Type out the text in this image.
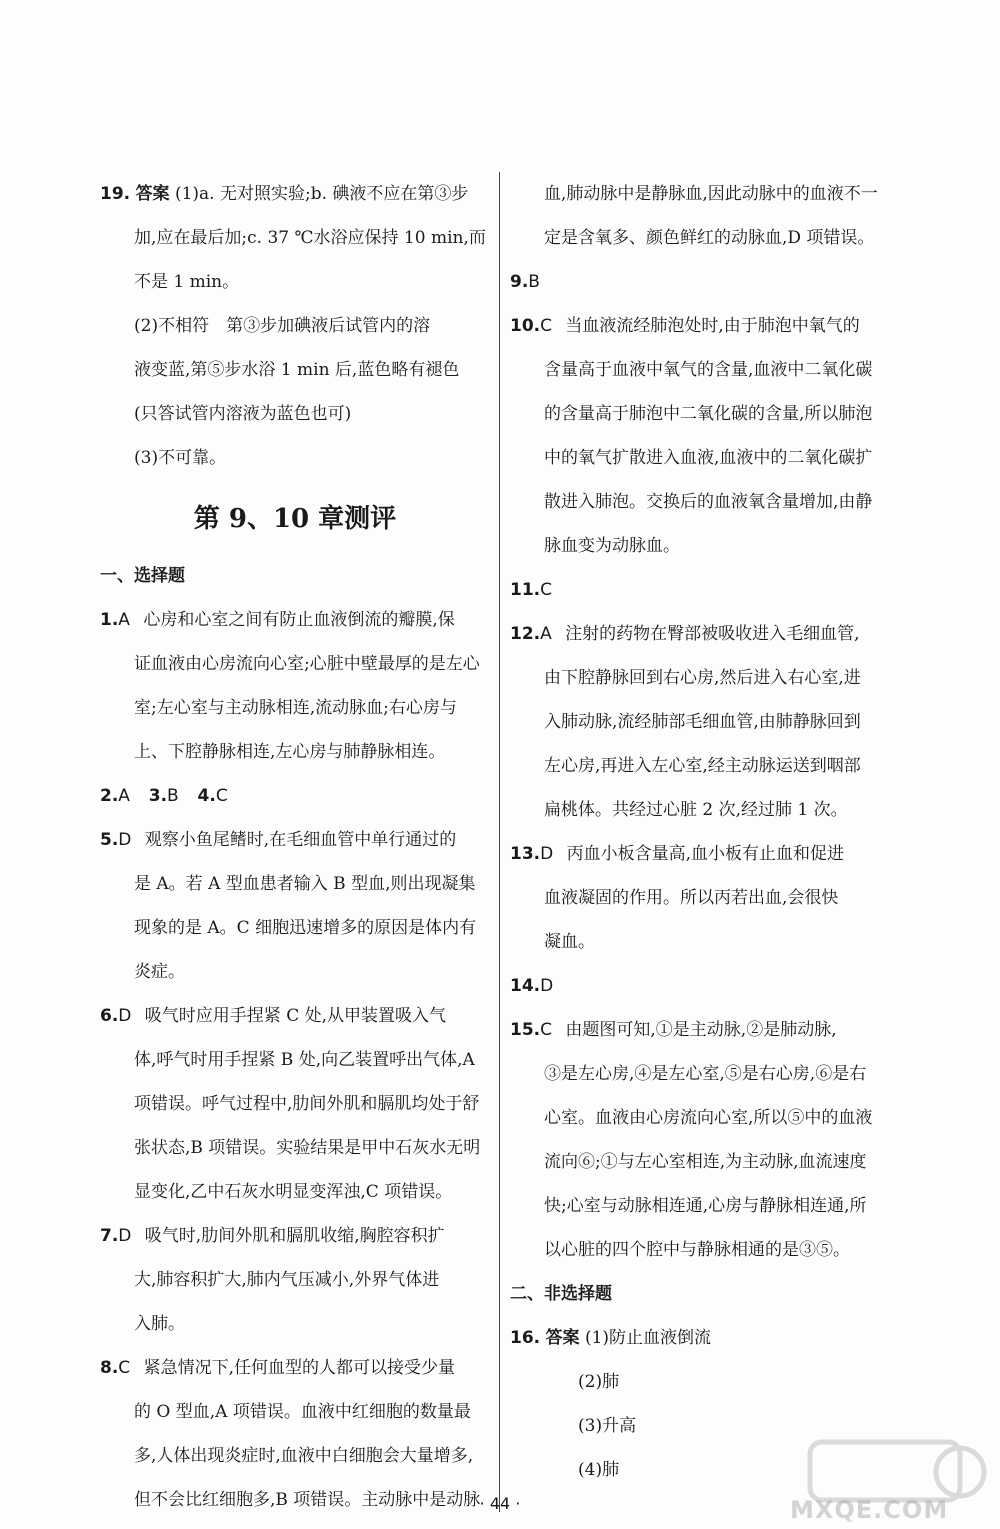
19. 答案 (1)a. 无对照实验;b. 碘液不应在第③步

加,应在最后加;c. 37 ℃水浴应保持 10 min,而

不是 1 min。

(2)不相符　第③步加碘液后试管内的溶

液变蓝,第⑤步水浴 1 min 后,蓝色略有褪色

(只答试管内溶液为蓝色也可)

(3)不可靠。

第 9、10 章测评
一、选择题

1.A 心房和心室之间有防止血液倒流的瓣膜,保

证血液由心房流向心室;心脏中壁最厚的是左心

室;左心室与主动脉相连,流动脉血;右心房与

上、下腔静脉相连,左心房与肺静脉相连。

2.A 3.B 4.C

5.D 观察小鱼尾鳍时,在毛细血管中单行通过的

是 A。若 A 型血患者输入 B 型血,则出现凝集

现象的是 A。C 细胞迅速增多的原因是体内有

炎症。

6.D 吸气时应用手捏紧 C 处,从甲装置吸入气

体,呼气时用手捏紧 B 处,向乙装置呼出气体,A

项错误。呼气过程中,肋间外肌和膈肌均处于舒

张状态,B 项错误。实验结果是甲中石灰水无明

显变化,乙中石灰水明显变浑浊,C 项错误。

7.D 吸气时,肋间外肌和膈肌收缩,胸腔容积扩

大,肺容积扩大,肺内气压减小,外界气体进

入肺。

8.C 紧急情况下,任何血型的人都可以接受少量

的 O 型血,A 项错误。血液中红细胞的数量最

多,人体出现炎症时,血液中白细胞会大量增多,

但不会比红细胞多,B 项错误。主动脉中是动脉

血,肺动脉中是静脉血,因此动脉中的血液不一

定是含氧多、颜色鲜红的动脉血,D 项错误。

9.B

10.C 当血液流经肺泡处时,由于肺泡中氧气的

含量高于血液中氧气的含量,血液中二氧化碳

的含量高于肺泡中二氧化碳的含量,所以肺泡

中的氧气扩散进入血液,血液中的二氧化碳扩

散进入肺泡。交换后的血液氧含量增加,由静

脉血变为动脉血。

11.C

12.A 注射的药物在臀部被吸收进入毛细血管,

由下腔静脉回到右心房,然后进入右心室,进

入肺动脉,流经肺部毛细血管,由肺静脉回到

左心房,再进入左心室,经主动脉运送到咽部

扁桃体。共经过心脏 2 次,经过肺 1 次。

13.D 丙血小板含量高,血小板有止血和促进

血液凝固的作用。所以丙若出血,会很快

凝血。

14.D

15.C 由题图可知,①是主动脉,②是肺动脉,

③是左心房,④是左心室,⑤是右心房,⑥是右

心室。血液由心房流向心室,所以⑤中的血液

流向⑥;①与左心室相连,为主动脉,血流速度

快;心室与动脉相连通,心房与静脉相连通,所

以心脏的四个腔中与静脉相通的是③⑤。

二、非选择题

16. 答案 (1)防止血液倒流

(2)肺

(3)升高

(4)肺

· 44 ·	MXQE.COM
